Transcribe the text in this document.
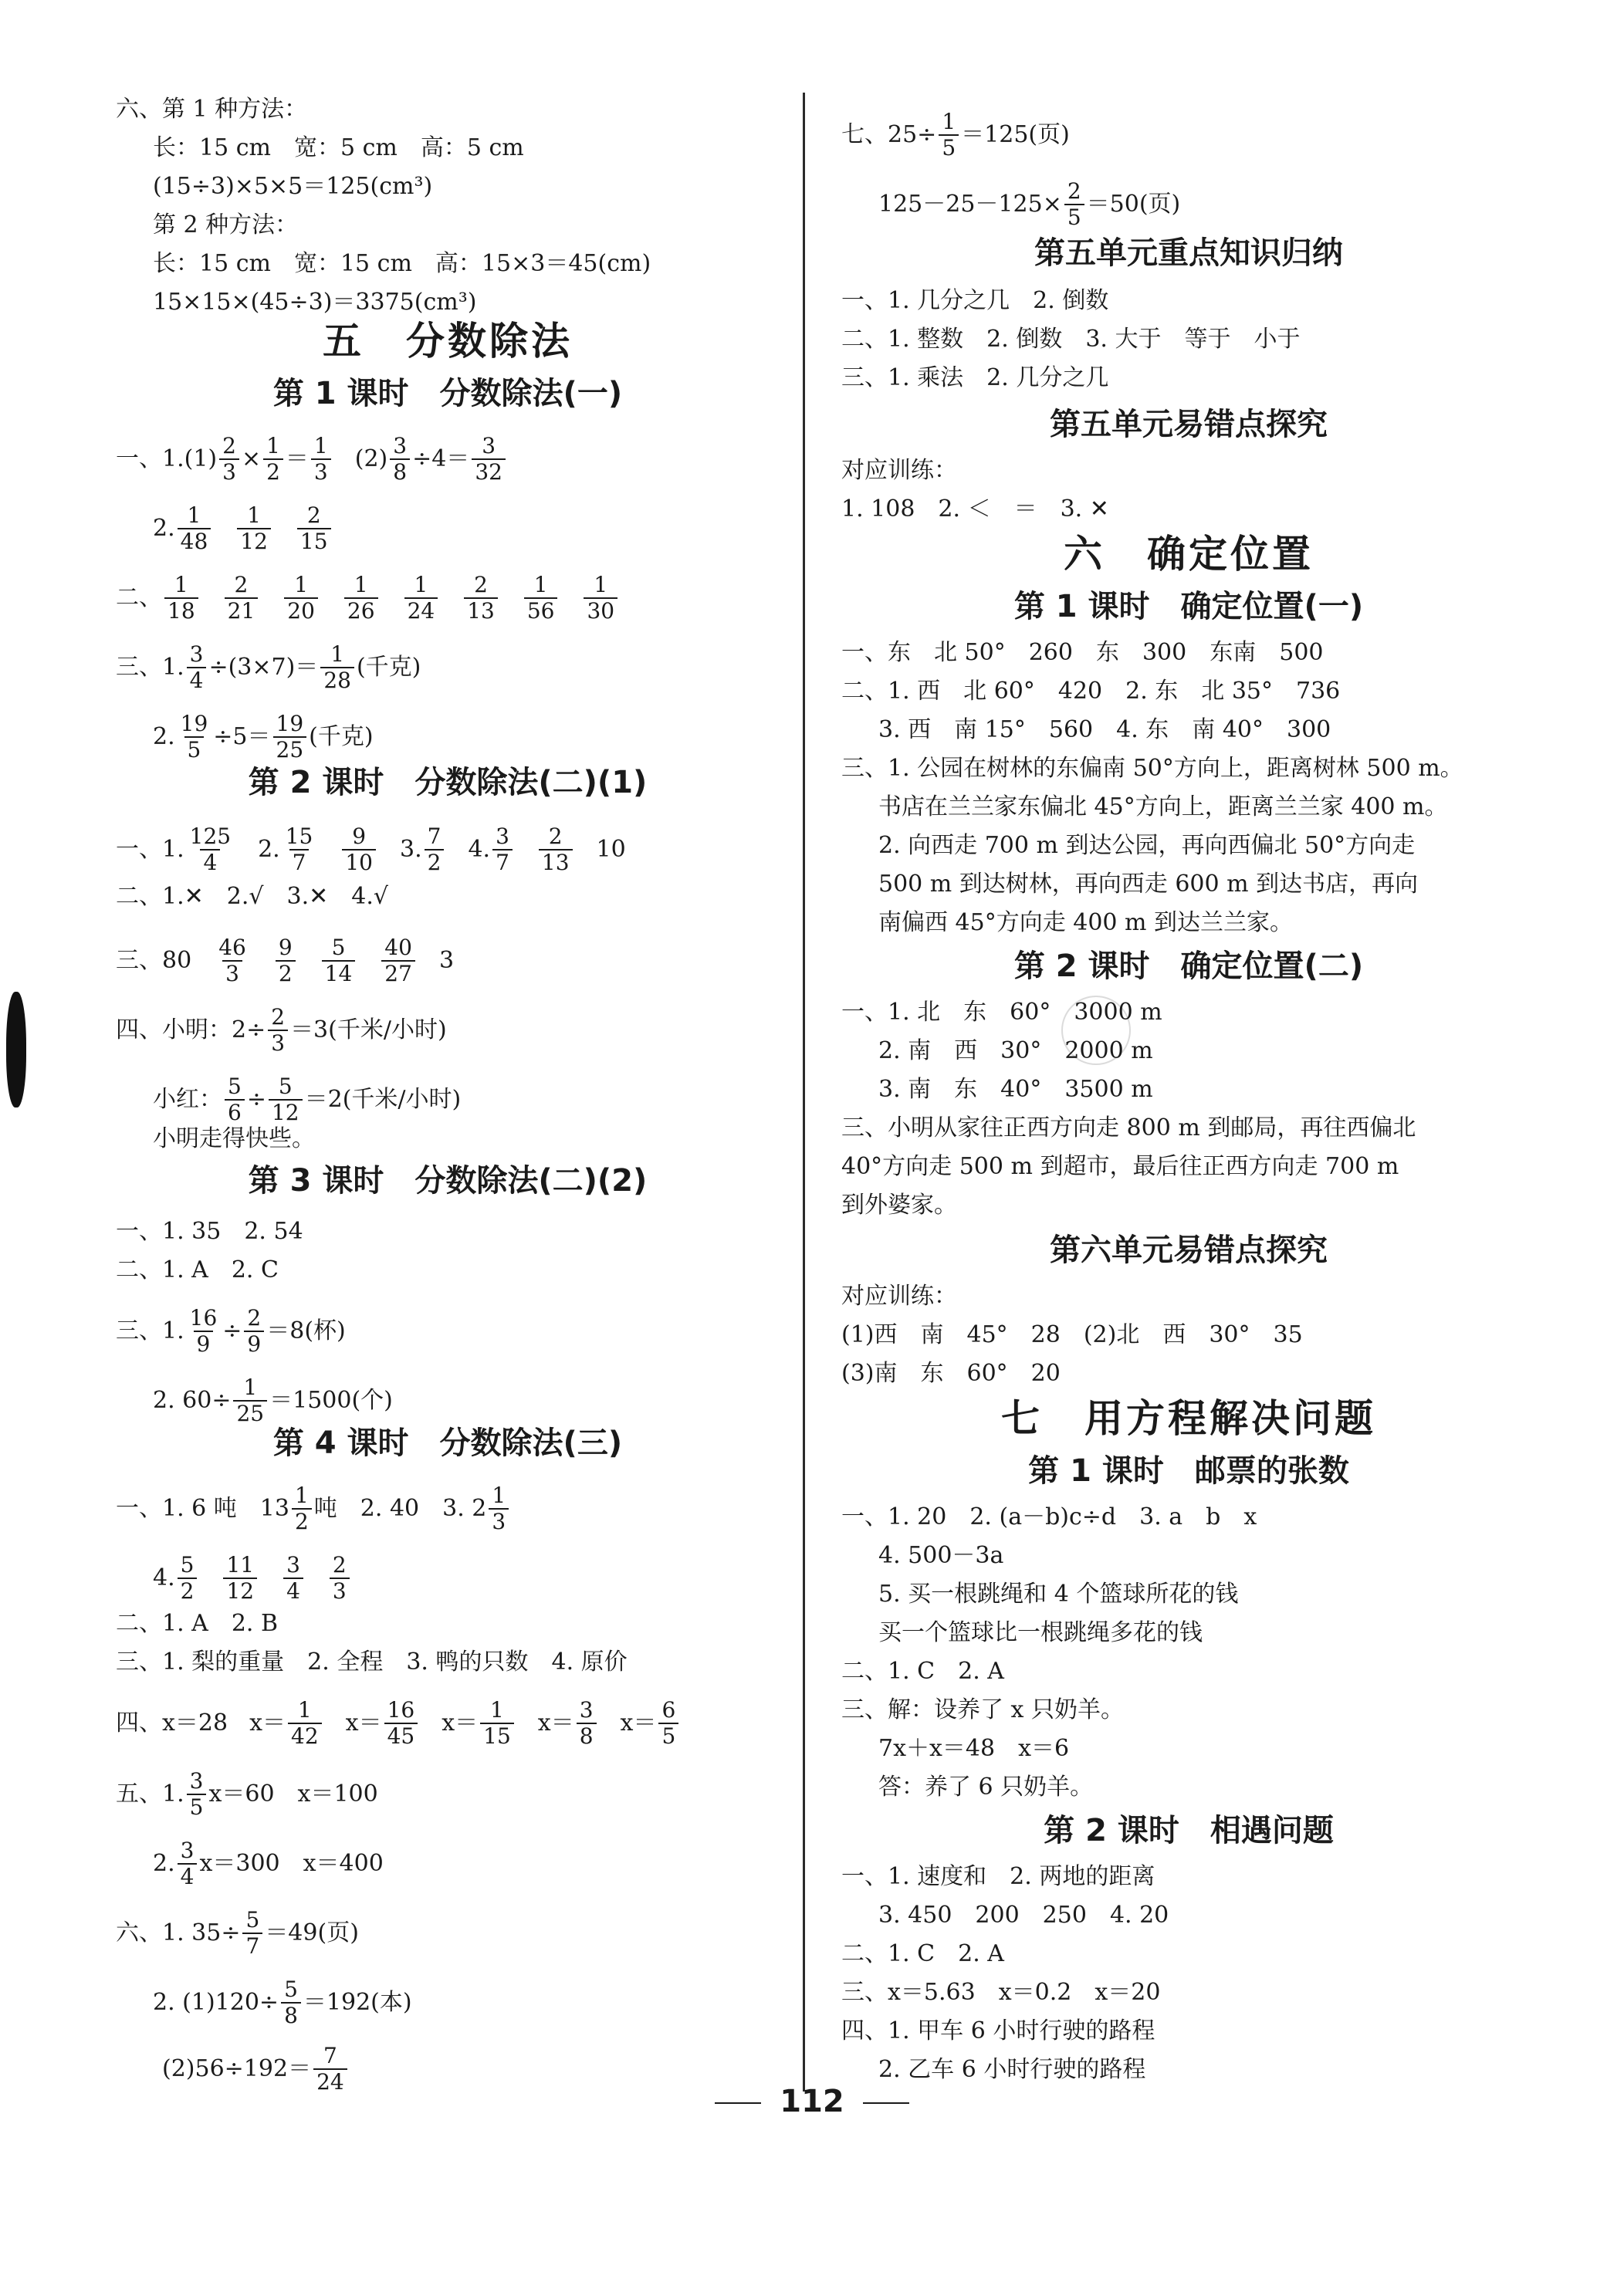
六、第 1 种方法：
长：15 cm　宽：5 cm　高：5 cm
(15÷3)×5×5＝125(cm³)
第 2 种方法：
长：15 cm　宽：15 cm　高：15×3＝45(cm)
15×15×(45÷3)＝3375(cm³)
五　分数除法
第 1 课时　分数除法(一)
一、$1.(1) \frac{2}{3} \times \frac{1}{2} = \frac{1}{3} (2) \frac{3}{8} \div 4= \frac{3}{32}$
2. $\frac{1}{48} \frac{1}{12} \frac{2}{15}$
二、 $\frac{1}{18} \frac{2}{21} \frac{1}{20} \frac{1}{26} \frac{1}{24} \frac{2}{13} \frac{1}{56} \frac{1}{30}$
三、1. $\frac{3}{4} \div(3\times 7)= \frac{1}{28}$ (千克)
2. $\frac{19}{5} \div 5= \frac{19}{25}$ (千克)
第 2 课时　分数除法(二)(1)
一、1. $\frac{125}{4} 2$. $\frac{15}{7} \frac{9}{10} 3$. $\frac{7}{2} 4$. $\frac{3}{7} \frac{2}{13} 10$
二、1.✕　2.√　3.✕　4.√
三、$80 \frac{46}{3} \frac{9}{2} \frac{5}{14} \frac{40}{27} 3$
四、小明：$2\div \frac{2}{3} =3$(千米/小时)
小红： $\frac{5}{6} \div \frac{5}{12} =2$(千米/小时)
小明走得快些。
第 3 课时　分数除法(二)(2)
一、1. 35　2. 54
二、1. A　2. C
三、1. $\frac{16}{9} \div \frac{2}{9} =8$(杯)
2. $60\div \frac{1}{25} =1500$(个)
第 4 课时　分数除法(三)
一、1. 6 吨　$13 \frac{1}{2}$ 吨　2. 40　3. $2 \frac{1}{3}$
4. $\frac{5}{2} \frac{11}{12} \frac{3}{4} \frac{2}{3}$
二、1. A　2. B
三、1. 梨的重量　2. 全程　3. 鸭的只数　4. 原价
四、x＝28 $x= \frac{1}{42} x= \frac{16}{45} x= \frac{1}{15} x= \frac{3}{8} x= \frac{6}{5}$
五、1. $\frac{3}{5} x=60$　x＝100
2. $\frac{3}{4} x=300$　x＝400
六、1. $35\div \frac{5}{7} =49$(页)
2. $(1)120\div \frac{5}{8} =192$(本)
$(2)56\div 192= \frac{7}{24}$
七、$25\div \frac{1}{5} =125$(页)
$125-25-125\times \frac{2}{5} =50$(页)
第五单元重点知识归纳
一、1. 几分之几　2. 倒数
二、1. 整数　2. 倒数　3. 大于　等于　小于
三、1. 乘法　2. 几分之几
第五单元易错点探究
对应训练：
1. 108　2. ＜　＝　3. ✕
六　确定位置
第 1 课时　确定位置(一)
一、东　北 50°　260　东　300　东南　500
二、1. 西　北 60°　420　2. 东　北 35°　736
3. 西　南 15°　560　4. 东　南 40°　300
三、1. 公园在树林的东偏南 50°方向上，距离树林 500 m。
书店在兰兰家东偏北 45°方向上，距离兰兰家 400 m。
2. 向西走 700 m 到达公园，再向西偏北 50°方向走
500 m 到达树林，再向西走 600 m 到达书店，再向
南偏西 45°方向走 400 m 到达兰兰家。
第 2 课时　确定位置(二)
一、1. 北　东　60°　3000 m
2. 南　西　30°　2000 m
3. 南　东　40°　3500 m
三、小明从家往正西方向走 800 m 到邮局，再往西偏北
40°方向走 500 m 到超市，最后往正西方向走 700 m
到外婆家。
第六单元易错点探究
对应训练：
(1)西　南　45°　28　(2)北　西　30°　35
(3)南　东　60°　20
七　用方程解决问题
第 1 课时　邮票的张数
一、1. 20　2. (a－b)c÷d　3. a　b　x
4. 500－3a
5. 买一根跳绳和 4 个篮球所花的钱
买一个篮球比一根跳绳多花的钱
二、1. C　2. A
三、解：设养了 x 只奶羊。
7x＋x＝48　x＝6
答：养了 6 只奶羊。
第 2 课时　相遇问题
一、1. 速度和　2. 两地的距离
3. 450　200　250　4. 20
二、1. C　2. A
三、x＝5.63　x＝0.2　x＝20
四、1. 甲车 6 小时行驶的路程
2. 乙车 6 小时行驶的路程
112
